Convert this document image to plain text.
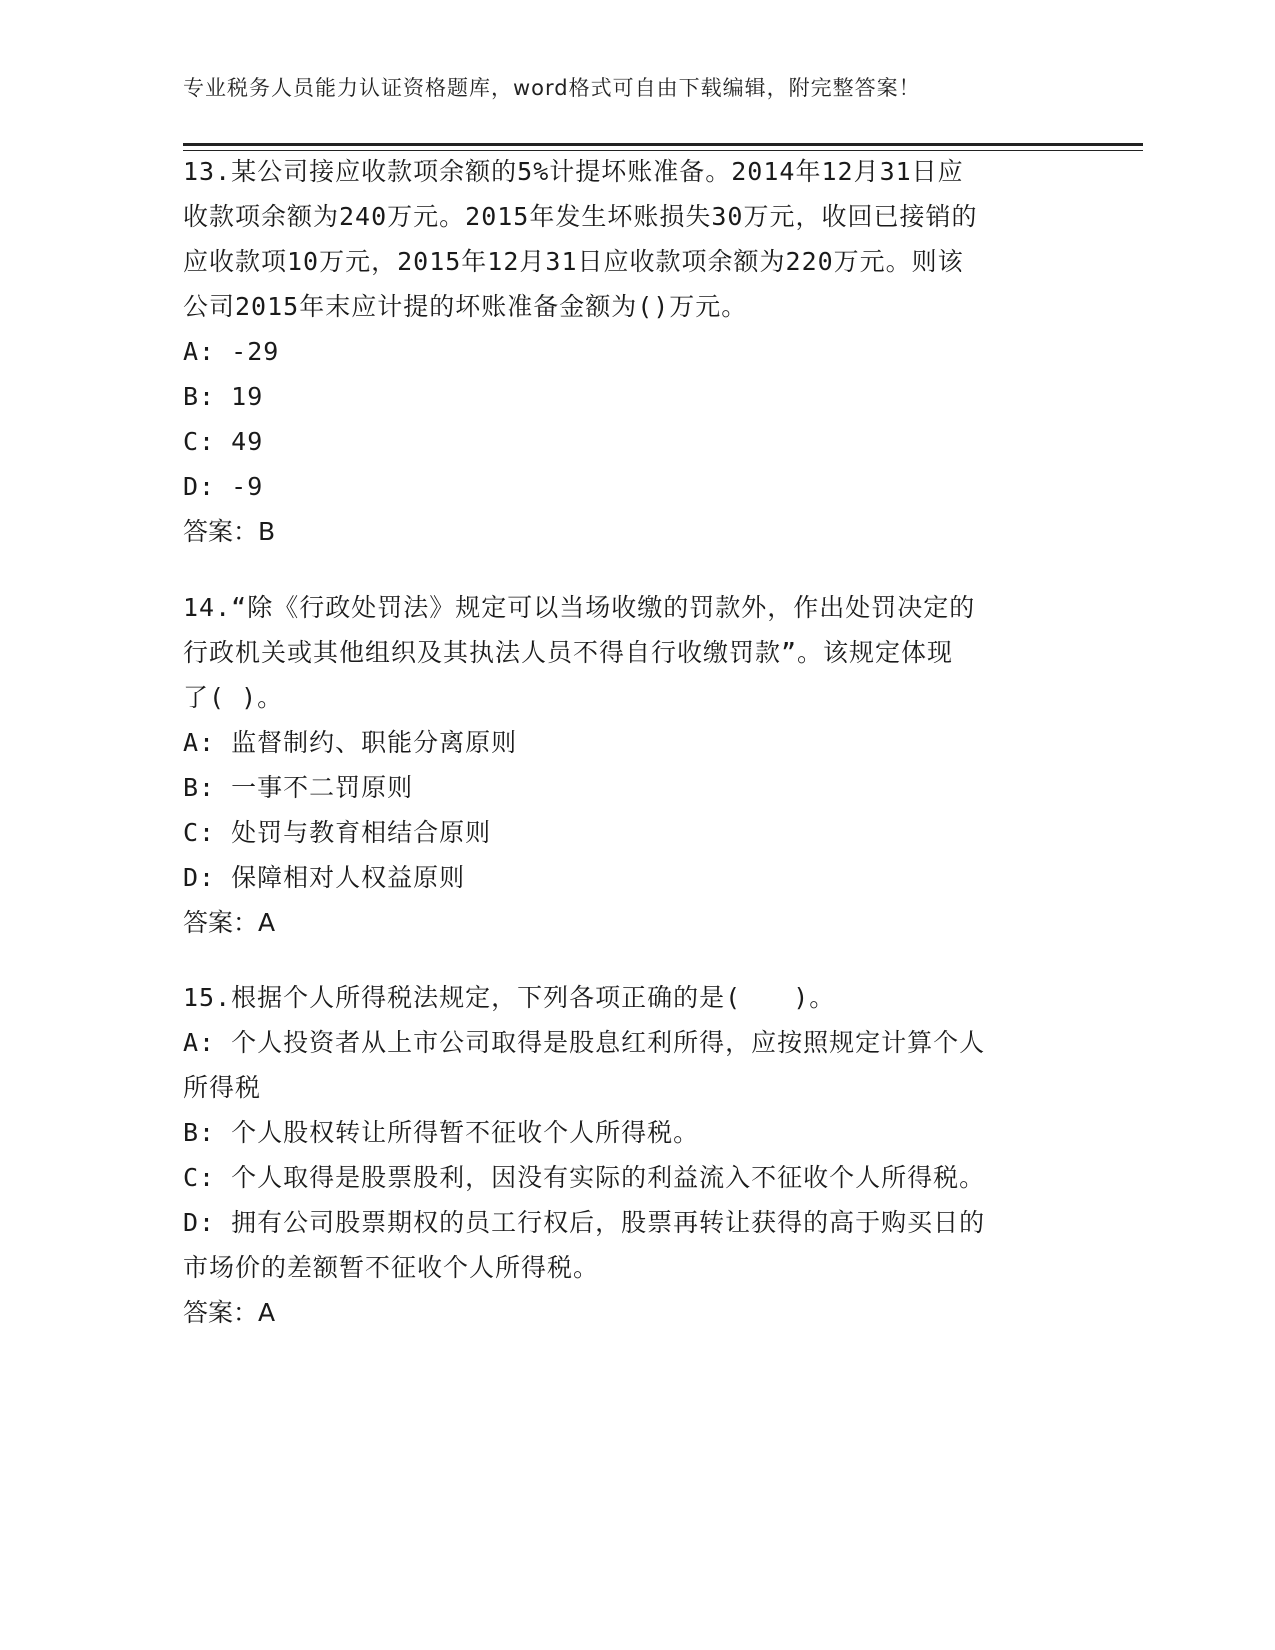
专业税务人员能力认证资格题库，word格式可自由下载编辑，附完整答案！
13.某公司接应收款项余额的5%计提坏账准备。2014年12月31日应
收款项余额为240万元。2015年发生坏账损失30万元，收回已接销的
应收款项10万元，2015年12月31日应收款项余额为220万元。则该
公司2015年末应计提的坏账准备金额为()万元。
A: -29
B: 19
C: 49
D: -9
答案：B
14.“除《行政处罚法》规定可以当场收缴的罚款外，作出处罚决定的
行政机关或其他组织及其执法人员不得自行收缴罚款”。该规定体现
了( )。
A: 监督制约、职能分离原则
B: 一事不二罚原则
C: 处罚与教育相结合原则
D: 保障相对人权益原则
答案：A
15.根据个人所得税法规定，下列各项正确的是(　　)。
A: 个人投资者从上市公司取得是股息红利所得，应按照规定计算个人
所得税
B: 个人股权转让所得暂不征收个人所得税。
C: 个人取得是股票股利，因没有实际的利益流入不征收个人所得税。
D: 拥有公司股票期权的员工行权后，股票再转让获得的高于购买日的
市场价的差额暂不征收个人所得税。
答案：A
